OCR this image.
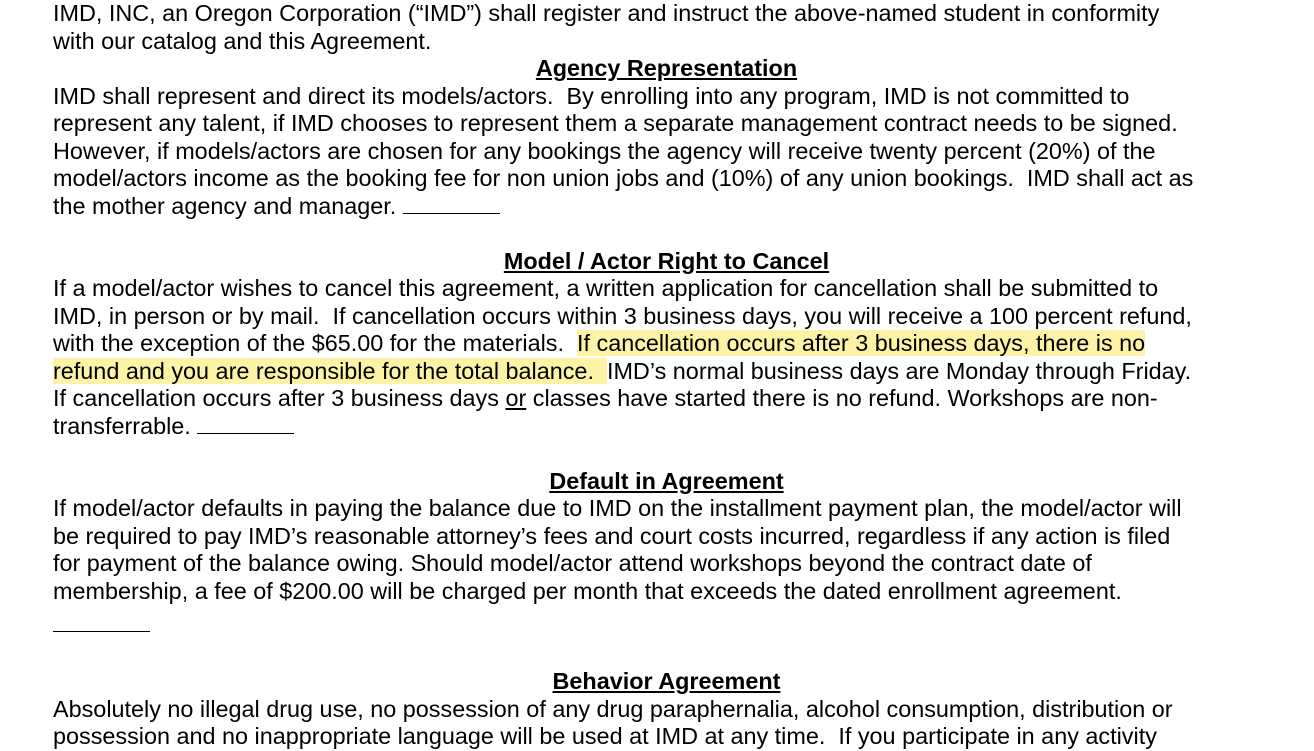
IMD, INC, an Oregon Corporation (“IMD”) shall register and instruct the above-named student in conformity
with our catalog and this Agreement.
Agency Representation
IMD shall represent and direct its models/actors.  By enrolling into any program, IMD is not committed to
represent any talent, if IMD chooses to represent them a separate management contract needs to be signed.
However, if models/actors are chosen for any bookings the agency will receive twenty percent (20%) of the
model/actors income as the booking fee for non union jobs and (10%) of any union bookings.  IMD shall act as
the mother agency and manager.
Model / Actor Right to Cancel
If a model/actor wishes to cancel this agreement, a written application for cancellation shall be submitted to
IMD, in person or by mail.  If cancellation occurs within 3 business days, you will receive a 100 percent refund,
with the exception of the $65.00 for the materials.  If cancellation occurs after 3 business days, there is no
refund and you are responsible for the total balance.  IMD’s normal business days are Monday through Friday.
If cancellation occurs after 3 business days or classes have started there is no refund. Workshops are non-
transferrable.
Default in Agreement
If model/actor defaults in paying the balance due to IMD on the installment payment plan, the model/actor will
be required to pay IMD’s reasonable attorney’s fees and court costs incurred, regardless if any action is filed
for payment of the balance owing. Should model/actor attend workshops beyond the contract date of
membership, a fee of $200.00 will be charged per month that exceeds the dated enrollment agreement.
Behavior Agreement
Absolutely no illegal drug use, no possession of any drug paraphernalia, alcohol consumption, distribution or
possession and no inappropriate language will be used at IMD at any time.  If you participate in any activity
